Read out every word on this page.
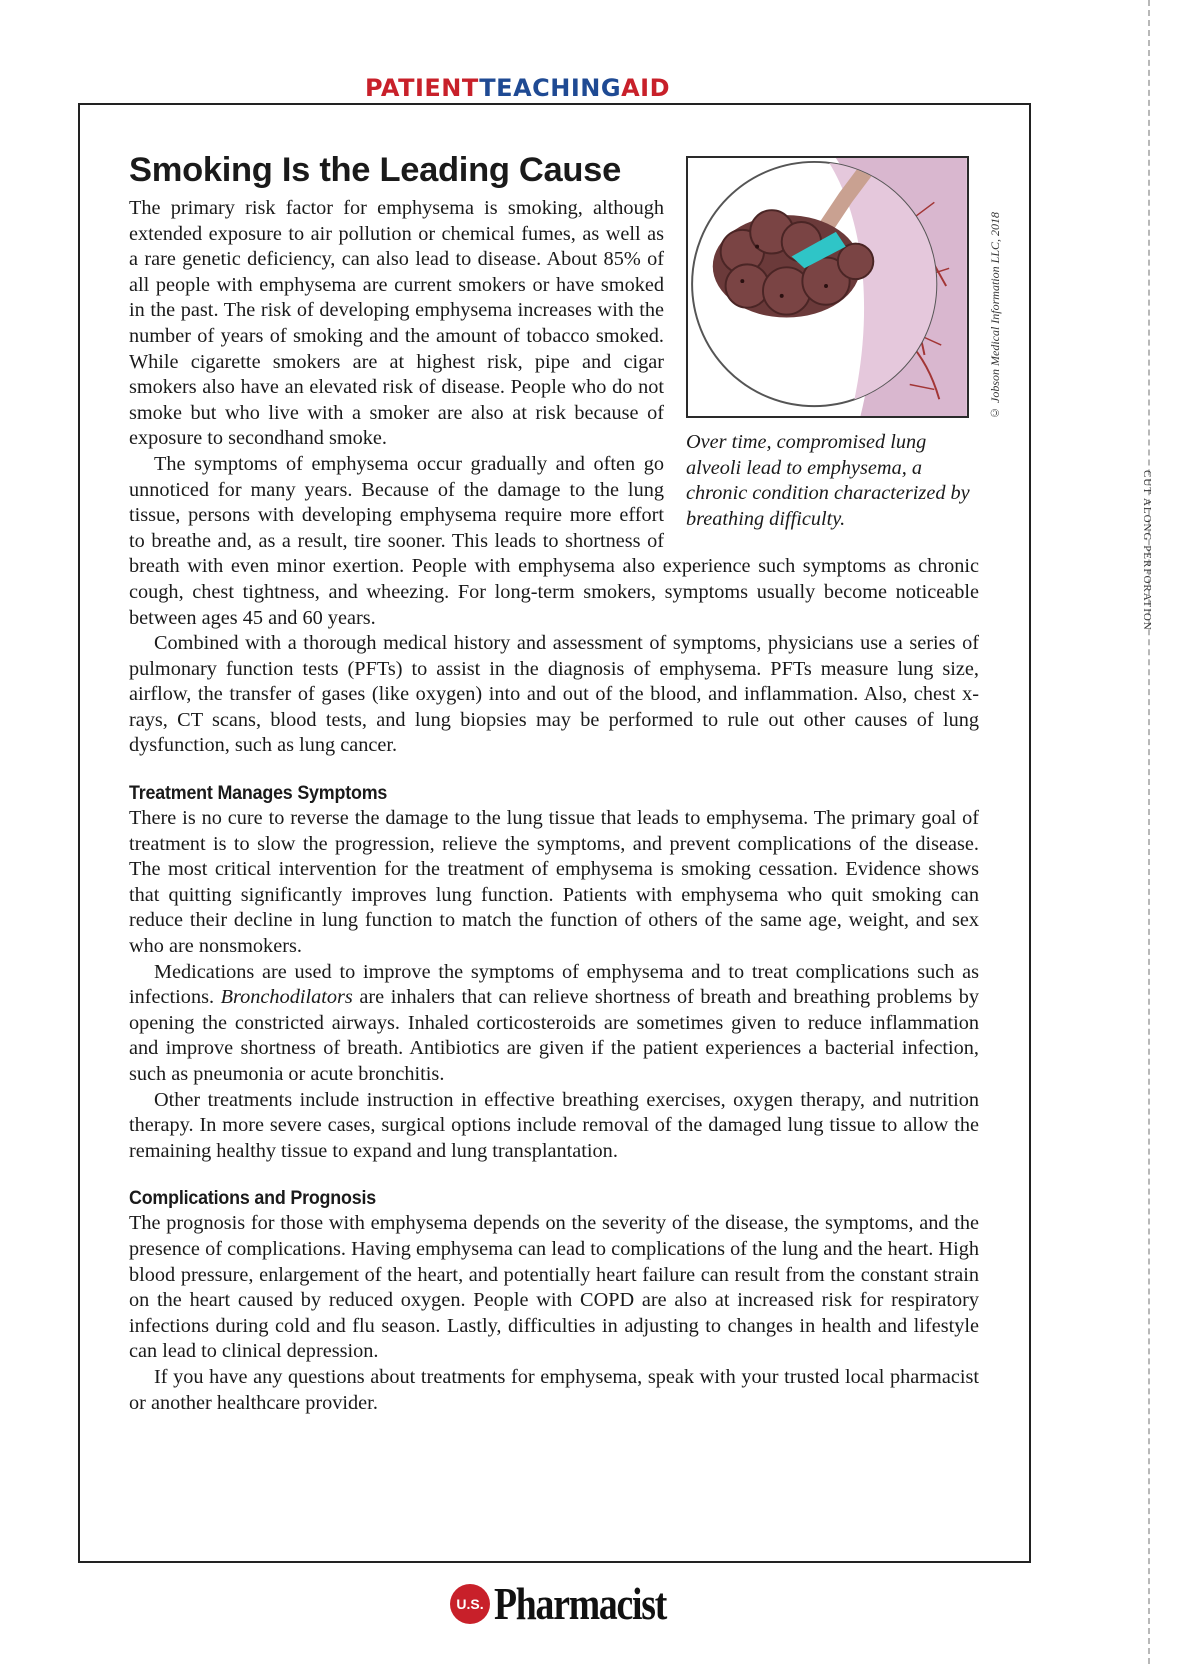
CUT ALONG PERFORATION
PATIENTTEACHINGAID
© Jobson Medical Information LLC, 2018
Over time, compromised lung alveoli lead to emphysema, a chronic condition characterized by breathing difficulty.
Smoking Is the Leading Cause

The primary risk factor for emphysema is smoking, although extended exposure to air pollution or chemical fumes, as well as a rare genetic deficiency, can also lead to disease. About 85% of all people with emphysema are current smokers or have smoked in the past. The risk of developing emphysema increases with the number of years of smoking and the amount of tobacco smoked. While cigarette smokers are at highest risk, pipe and cigar smokers also have an elevated risk of disease. People who do not smoke but who live with a smoker are also at risk because of exposure to secondhand smoke.

The symptoms of emphysema occur gradually and often go unnoticed for many years. Because of the damage to the lung tissue, persons with developing emphysema require more effort to breathe and, as a result, tire sooner. This leads to shortness of breath with even minor exertion. People with emphysema also experience such symptoms as chronic cough, chest tightness, and wheezing. For long-term smokers, symptoms usually become noticeable between ages 45 and 60 years.

Combined with a thorough medical history and assessment of symptoms, physicians use a series of pulmonary function tests (PFTs) to assist in the diagnosis of emphysema. PFTs measure lung size, airflow, the transfer of gases (like oxygen) into and out of the blood, and inflammation. Also, chest x-rays, CT scans, blood tests, and lung biopsies may be performed to rule out other causes of lung dysfunction, such as lung cancer.

Treatment Manages Symptoms

There is no cure to reverse the damage to the lung tissue that leads to emphysema. The primary goal of treatment is to slow the progression, relieve the symptoms, and prevent complications of the disease. The most critical intervention for the treatment of emphysema is smoking cessation. Evidence shows that quitting significantly improves lung function. Patients with emphysema who quit smoking can reduce their decline in lung function to match the function of others of the same age, weight, and sex who are nonsmokers.

Medications are used to improve the symptoms of emphysema and to treat complications such as infections. Bronchodilators are inhalers that can relieve shortness of breath and breathing problems by opening the constricted airways. Inhaled corticosteroids are sometimes given to reduce inflammation and improve shortness of breath. Antibiotics are given if the patient experiences a bacterial infection, such as pneumonia or acute bronchitis.

Other treatments include instruction in effective breathing exercises, oxygen therapy, and nutrition therapy. In more severe cases, surgical options include removal of the damaged lung tissue to allow the remaining healthy tissue to expand and lung transplantation.

Complications and Prognosis

The prognosis for those with emphysema depends on the severity of the disease, the symptoms, and the presence of complications. Having emphysema can lead to complications of the lung and the heart. High blood pressure, enlargement of the heart, and potentially heart failure can result from the constant strain on the heart caused by reduced oxygen. People with COPD are also at increased risk for respiratory infections during cold and flu season. Lastly, difficulties in adjusting to changes in health and lifestyle can lead to clinical depression.

If you have any questions about treatments for emphysema, speak with your trusted local pharmacist or another healthcare provider.

U.S. Pharmacist
